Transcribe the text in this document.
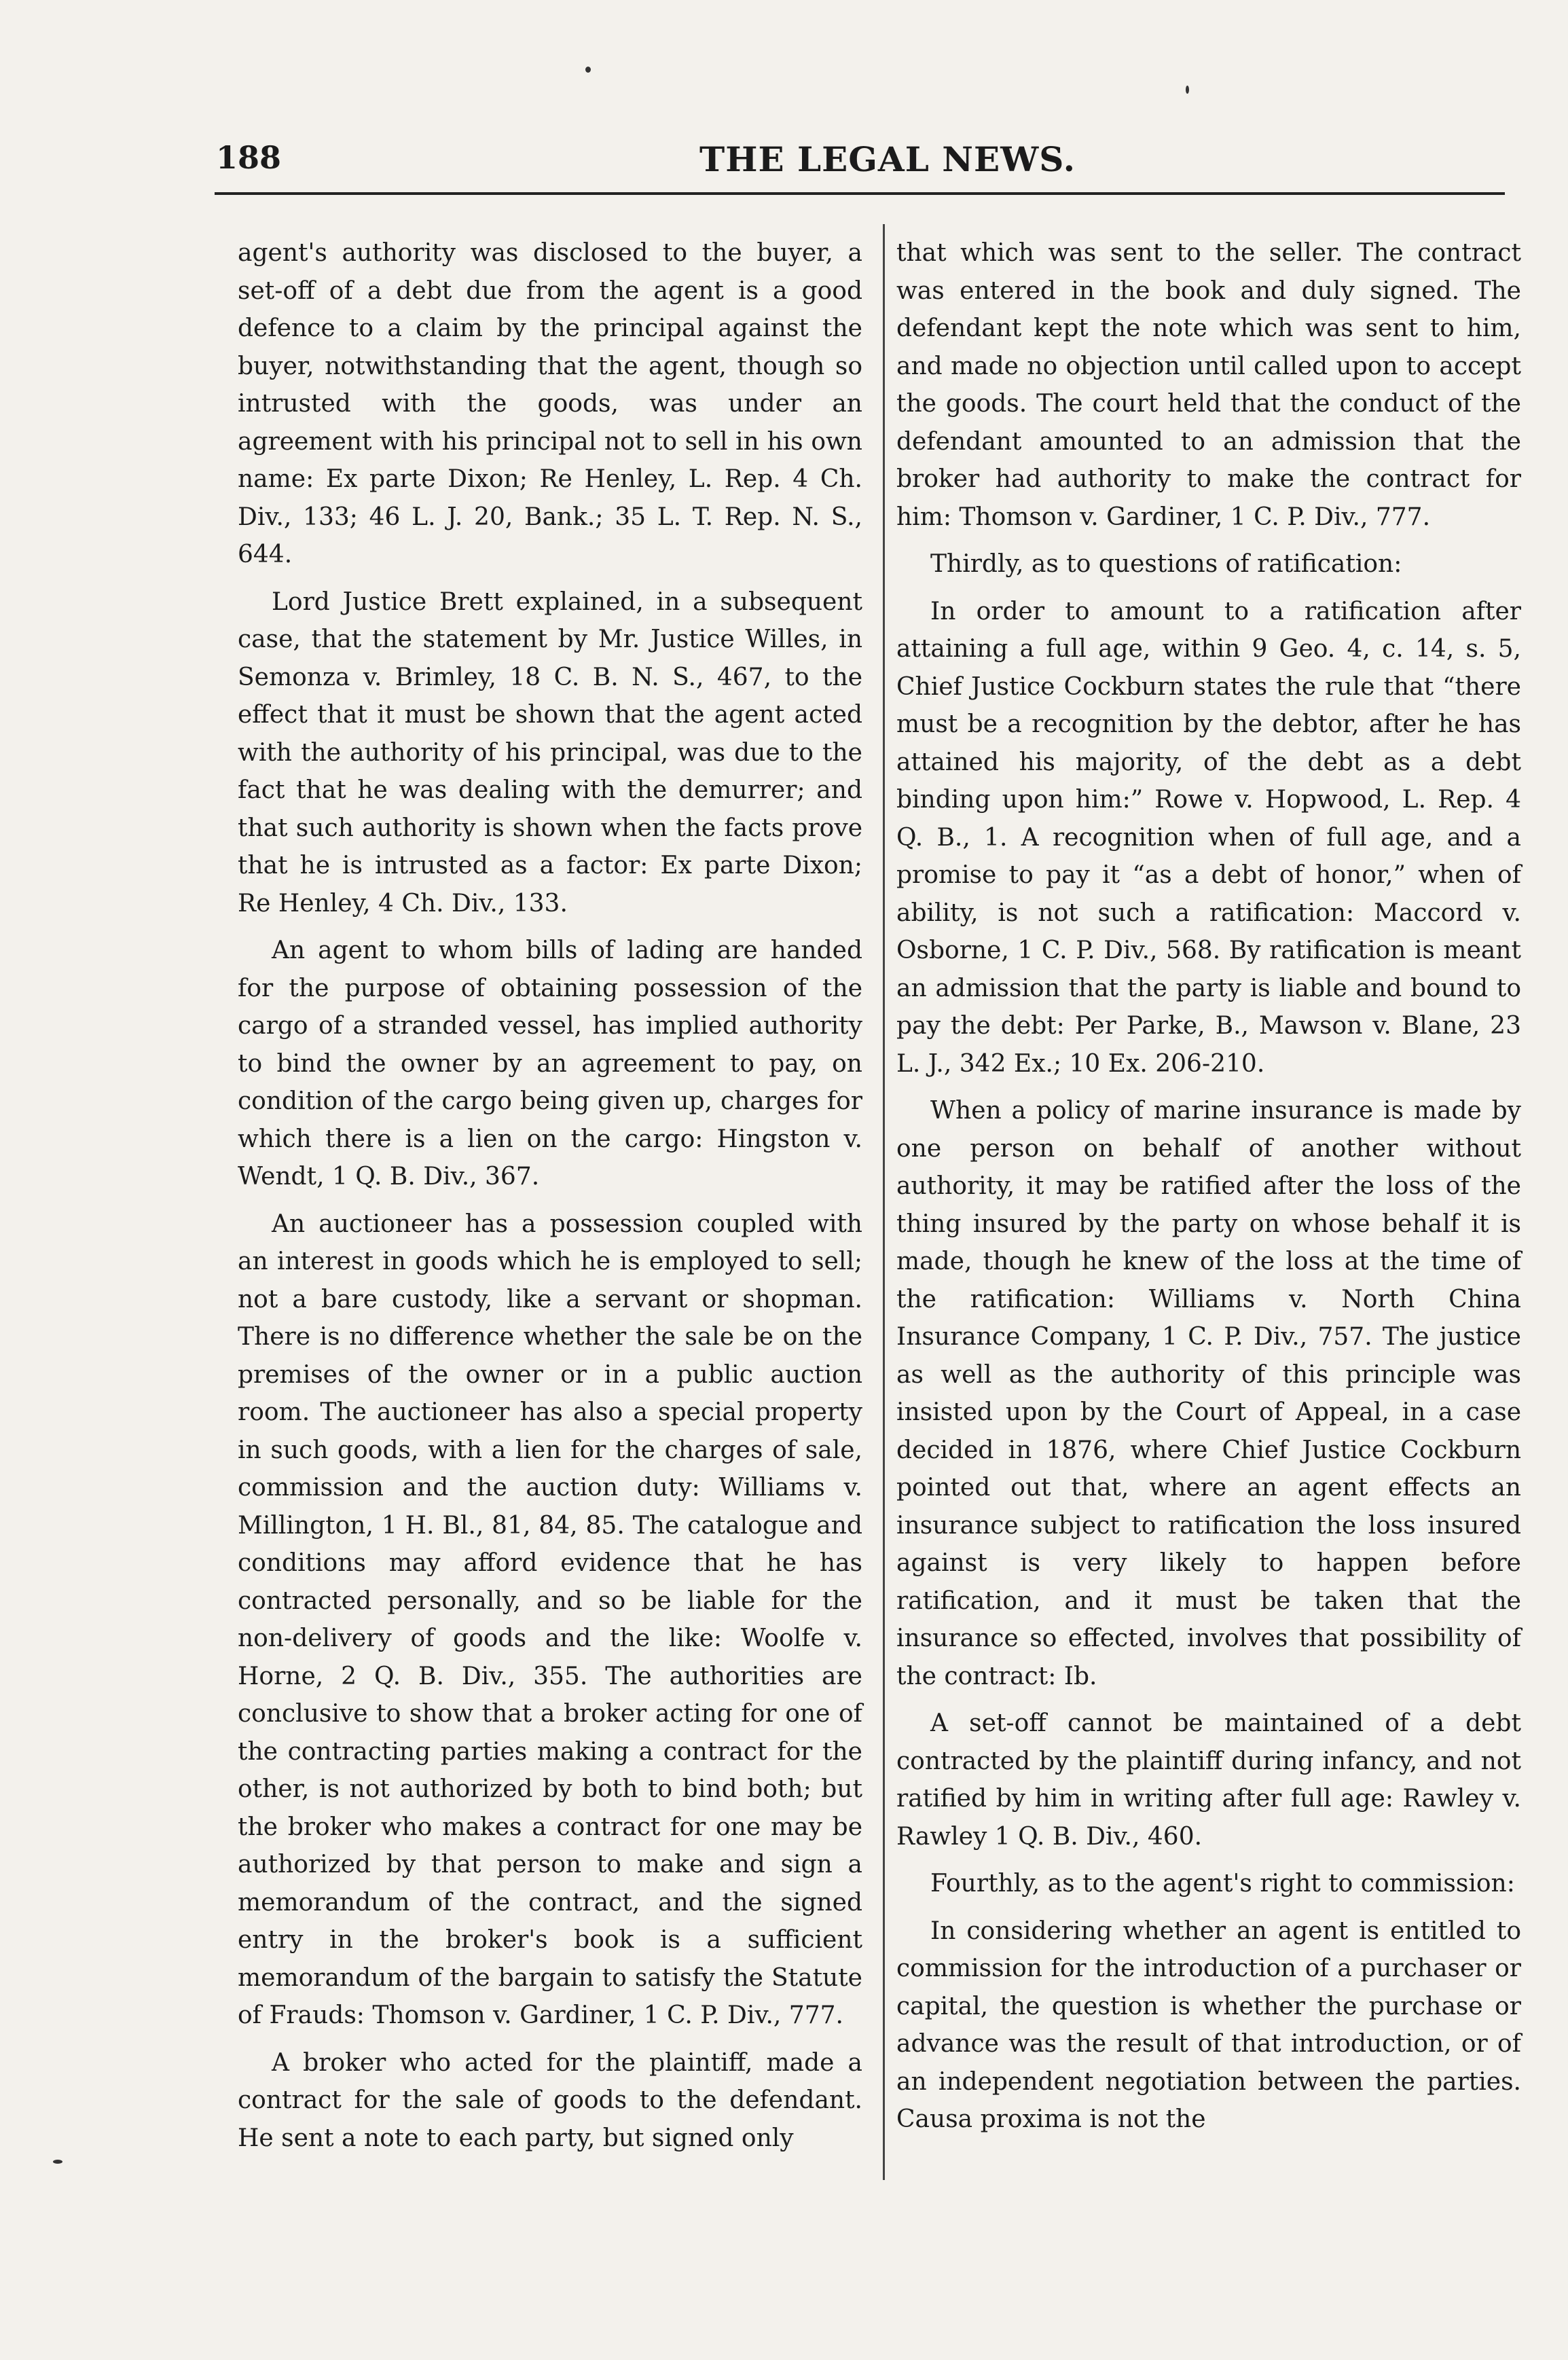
188	THE LEGAL NEWS.

agent's authority was disclosed to the buyer, a set-off of a debt due from the agent is a good defence to a claim by the principal against the buyer, notwithstanding that the agent, though so intrusted with the goods, was under an agreement with his principal not to sell in his own name: Ex parte Dixon; Re Henley, L. Rep. 4 Ch. Div., 133; 46 L. J. 20, Bank.; 35 L. T. Rep. N. S., 644.

Lord Justice Brett explained, in a subsequent case, that the statement by Mr. Justice Willes, in Semonza v. Brimley, 18 C. B. N. S., 467, to the effect that it must be shown that the agent acted with the authority of his principal, was due to the fact that he was dealing with the demurrer; and that such authority is shown when the facts prove that he is intrusted as a factor: Ex parte Dixon; Re Henley, 4 Ch. Div., 133.

An agent to whom bills of lading are handed for the purpose of obtaining possession of the cargo of a stranded vessel, has implied authority to bind the owner by an agreement to pay, on condition of the cargo being given up, charges for which there is a lien on the cargo: Hingston v. Wendt, 1 Q. B. Div., 367.

An auctioneer has a possession coupled with an interest in goods which he is employed to sell; not a bare custody, like a servant or shopman. There is no difference whether the sale be on the premises of the owner or in a public auction room. The auctioneer has also a special property in such goods, with a lien for the charges of sale, commission and the auction duty: Williams v. Millington, 1 H. Bl., 81, 84, 85. The catalogue and conditions may afford evidence that he has contracted personally, and so be liable for the non-delivery of goods and the like: Woolfe v. Horne, 2 Q. B. Div., 355. The authorities are conclusive to show that a broker acting for one of the contracting parties making a contract for the other, is not authorized by both to bind both; but the broker who makes a contract for one may be authorized by that person to make and sign a memorandum of the contract, and the signed entry in the broker's book is a sufficient memorandum of the bargain to satisfy the Statute of Frauds: Thomson v. Gardiner, 1 C. P. Div., 777.

A broker who acted for the plaintiff, made a contract for the sale of goods to the defendant. He sent a note to each party, but signed only

that which was sent to the seller. The contract was entered in the book and duly signed. The defendant kept the note which was sent to him, and made no objection until called upon to accept the goods. The court held that the conduct of the defendant amounted to an admission that the broker had authority to make the contract for him: Thomson v. Gardiner, 1 C. P. Div., 777.

Thirdly, as to questions of ratification:

In order to amount to a ratification after attaining a full age, within 9 Geo. 4, c. 14, s. 5, Chief Justice Cockburn states the rule that “there must be a recognition by the debtor, after he has attained his majority, of the debt as a debt binding upon him:” Rowe v. Hopwood, L. Rep. 4 Q. B., 1. A recognition when of full age, and a promise to pay it “as a debt of honor,” when of ability, is not such a ratification: Maccord v. Osborne, 1 C. P. Div., 568. By ratification is meant an admission that the party is liable and bound to pay the debt: Per Parke, B., Mawson v. Blane, 23 L. J., 342 Ex.; 10 Ex. 206-210.

When a policy of marine insurance is made by one person on behalf of another without authority, it may be ratified after the loss of the thing insured by the party on whose behalf it is made, though he knew of the loss at the time of the ratification: Williams v. North China Insurance Company, 1 C. P. Div., 757. The justice as well as the authority of this principle was insisted upon by the Court of Appeal, in a case decided in 1876, where Chief Justice Cockburn pointed out that, where an agent effects an insurance subject to ratification the loss insured against is very likely to happen before ratification, and it must be taken that the insurance so effected, involves that possibility of the contract: Ib.

A set-off cannot be maintained of a debt contracted by the plaintiff during infancy, and not ratified by him in writing after full age: Rawley v. Rawley 1 Q. B. Div., 460.

Fourthly, as to the agent's right to commission:

In considering whether an agent is entitled to commission for the introduction of a purchaser or capital, the question is whether the purchase or advance was the result of that introduction, or of an independent negotiation between the parties. Causa proxima is not the
